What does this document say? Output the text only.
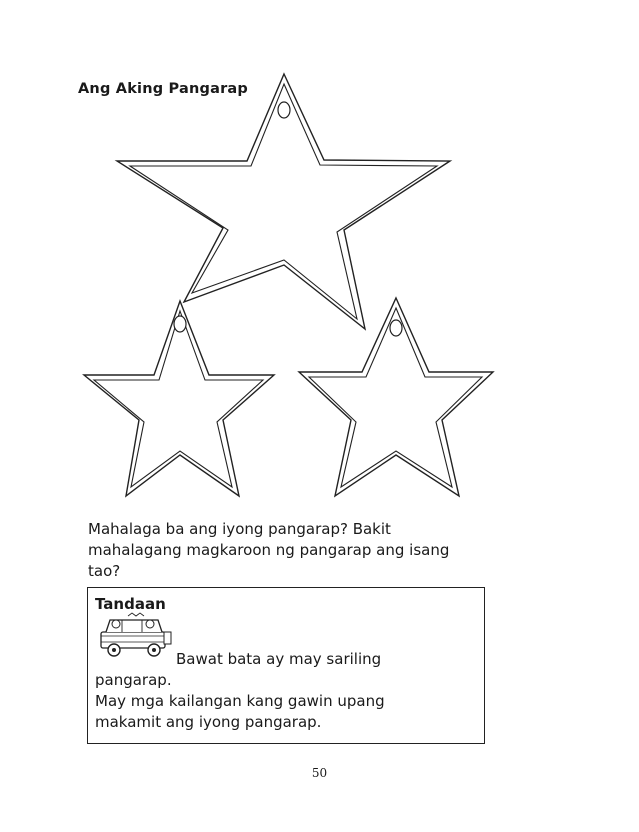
Ang Aking Pangarap
Mahalaga ba ang iyong pangarap? Bakit
mahalagang magkaroon ng pangarap ang isang
tao?
Tandaan
Bawat bata ay may sariling
pangarap.
May mga kailangan kang gawin upang
makamit ang iyong pangarap.
50
